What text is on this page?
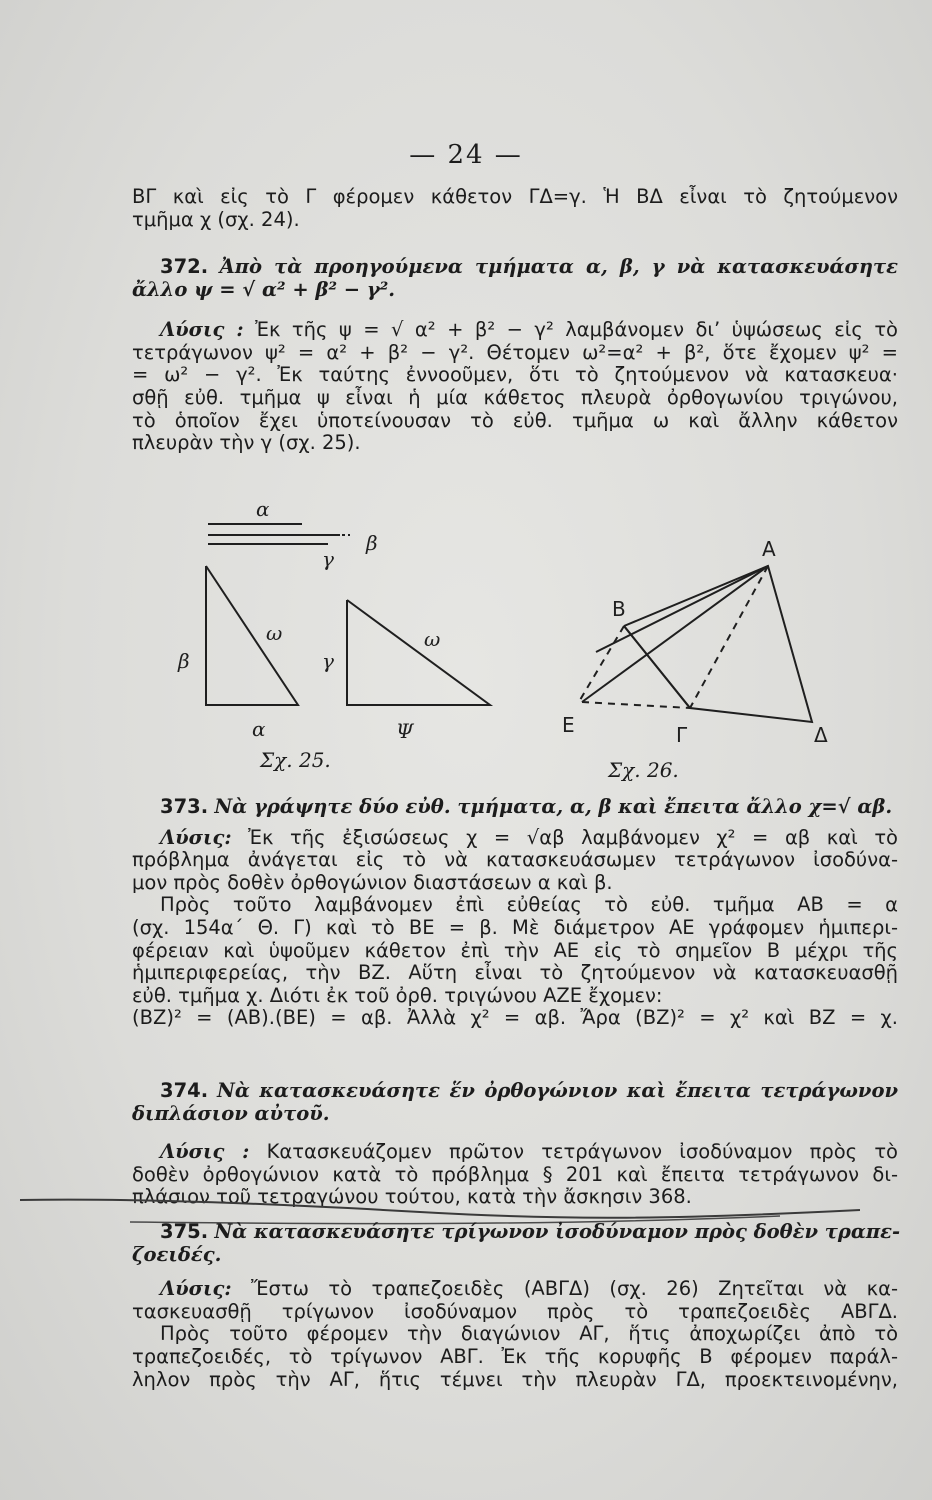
— 24 —
ΒΓ καὶ εἰς τὸ Γ φέρομεν κάθετον ΓΔ=γ. Ἡ ΒΔ εἶναι τὸ ζητούμενον
τμῆμα χ (σχ. 24).
372. Ἀπὸ τὰ προηγούμενα τμήματα α, β, γ νὰ κατασκευάσητε
ἄλλο ψ = √ α² + β² − γ².
Λύσις : Ἐκ τῆς ψ = √ α² + β² − γ² λαμβάνομεν δι’ ὑψώσεως εἰς τὸ
τετράγωνον ψ² = α² + β² − γ². Θέτομεν ω²=α² + β², ὅτε ἔχομεν ψ² =
= ω² − γ². Ἐκ ταύτης ἐννοοῦμεν, ὅτι τὸ ζητούμενον νὰ κατασκευα·
σθῇ εὐθ. τμῆμα ψ εἶναι ἡ μία κάθετος πλευρὰ ὀρθογωνίου τριγώνου,
τὸ ὁποῖον ἔχει ὑποτείνουσαν τὸ εὐθ. τμῆμα ω καὶ ἄλλην κάθετον
πλευρὰν τὴν γ (σχ. 25).
α
β
γ
β
ω
α
γ
ω
Ψ
Α
Β
Ε	Γ	Δ
Σχ. 25.	Σχ. 26.
373. Νὰ γράψητε δύο εὐθ. τμήματα, α, β καὶ ἔπειτα ἄλλο χ=√ αβ.
Λύσις: Ἐκ τῆς ἐξισώσεως χ = √αβ λαμβάνομεν χ² = αβ καὶ τὸ
πρόβλημα ἀνάγεται εἰς τὸ νὰ κατασκευάσωμεν τετράγωνον ἰσοδύνα-
μον πρὸς δοθὲν ὀρθογώνιον διαστάσεων α καὶ β.
Πρὸς τοῦτο λαμβάνομεν ἐπὶ εὐθείας τὸ εὐθ. τμῆμα ΑΒ = α
(σχ. 154α΄ Θ. Γ) καὶ τὸ ΒΕ = β. Μὲ διάμετρον ΑΕ γράφομεν ἡμιπερι-
φέρειαν καὶ ὑψοῦμεν κάθετον ἐπὶ τὴν ΑΕ εἰς τὸ σημεῖον Β μέχρι τῆς
ἡμιπεριφερείας, τὴν ΒΖ. Αὕτη εἶναι τὸ ζητούμενον νὰ κατασκευασθῇ
εὐθ. τμῆμα χ. Διότι ἐκ τοῦ ὀρθ. τριγώνου ΑΖΕ ἔχομεν:
(ΒΖ)² = (ΑΒ).(ΒΕ) = αβ. Ἀλλὰ χ² = αβ. Ἄρα (ΒΖ)² = χ² καὶ ΒΖ = χ.
374. Νὰ κατασκευάσητε ἕν ὀρθογώνιον καὶ ἔπειτα τετράγωνον
διπλάσιον αὐτοῦ.
Λύσις : Κατασκευάζομεν πρῶτον τετράγωνον ἰσοδύναμον πρὸς τὸ
δοθὲν ὀρθογώνιον κατὰ τὸ πρόβλημα § 201 καὶ ἔπειτα τετράγωνον δι-
πλάσιον τοῦ τετραγώνου τούτου, κατὰ τὴν ἄσκησιν 368.
375. Νὰ κατασκευάσητε τρίγωνον ἰσοδύναμον πρὸς δοθὲν τραπε-
ζοειδές.
Λύσις: Ἔστω τὸ τραπεζοειδὲς (ΑΒΓΔ) (σχ. 26) Ζητεῖται νὰ κα-
τασκευασθῇ τρίγωνον ἰσοδύναμον πρὸς τὸ τραπεζοειδὲς ΑΒΓΔ.
Πρὸς τοῦτο φέρομεν τὴν διαγώνιον ΑΓ, ἥτις ἀποχωρίζει ἀπὸ τὸ
τραπεζοειδές, τὸ τρίγωνον ΑΒΓ. Ἐκ τῆς κορυφῆς Β φέρομεν παράλ-
ληλον πρὸς τὴν ΑΓ, ἥτις τέμνει τὴν πλευρὰν ΓΔ, προεκτεινομένην,
